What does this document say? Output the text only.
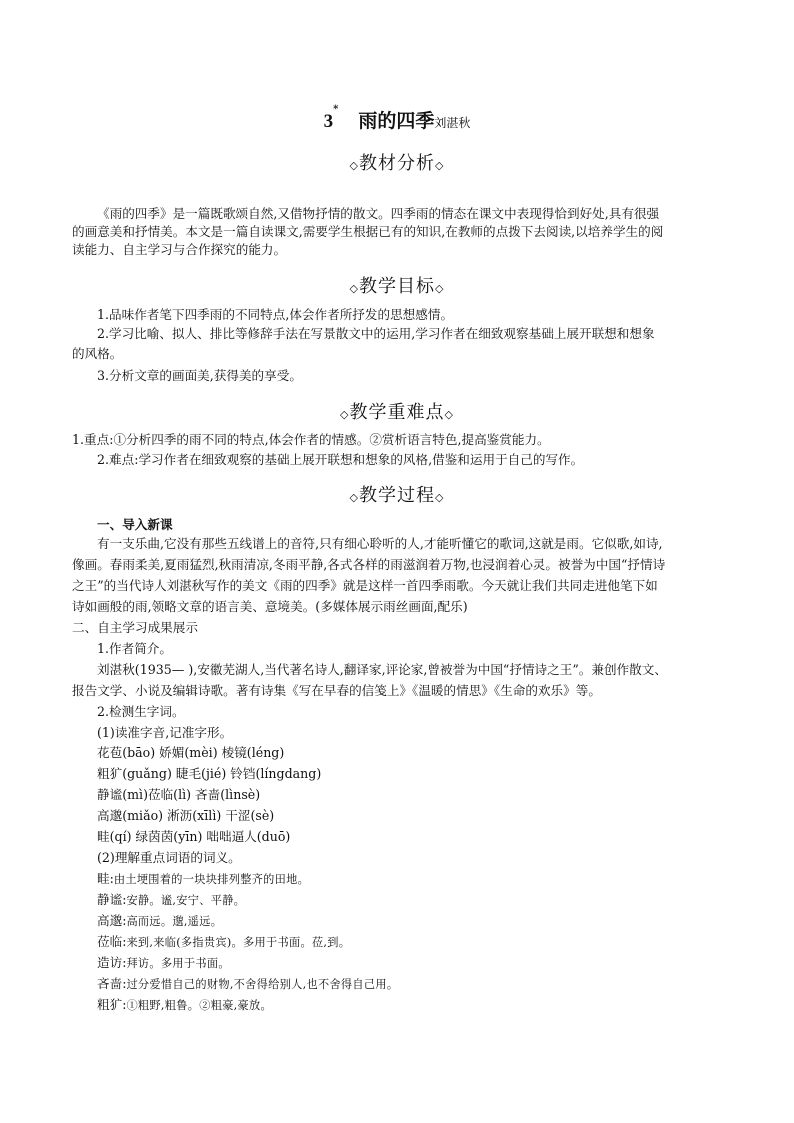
3*雨的四季刘湛秋
◇教材分析◇
《雨的四季》是一篇既歌颂自然,又借物抒情的散文。四季雨的情态在课文中表现得恰到好处,具有很强
的画意美和抒情美。本文是一篇自读课文,需要学生根据已有的知识,在教师的点拨下去阅读,以培养学生的阅
读能力、自主学习与合作探究的能力。
◇教学目标◇
1.品味作者笔下四季雨的不同特点,体会作者所抒发的思想感情。
2.学习比喻、拟人、排比等修辞手法在写景散文中的运用,学习作者在细致观察基础上展开联想和想象
的风格。
3.分析文章的画面美,获得美的享受。
◇教学重难点◇
1.重点:①分析四季的雨不同的特点,体会作者的情感。②赏析语言特色,提高鉴赏能力。
2.难点:学习作者在细致观察的基础上展开联想和想象的风格,借鉴和运用于自己的写作。
◇教学过程◇
一、导入新课
有一支乐曲,它没有那些五线谱上的音符,只有细心聆听的人,才能听懂它的歌词,这就是雨。它似歌,如诗,
像画。春雨柔美,夏雨猛烈,秋雨清凉,冬雨平静,各式各样的雨滋润着万物,也浸润着心灵。被誉为中国“抒情诗
之王”的当代诗人刘湛秋写作的美文《雨的四季》就是这样一首四季雨歌。今天就让我们共同走进他笔下如
诗如画般的雨,领略文章的语言美、意境美。(多媒体展示雨丝画面,配乐)
二、自主学习成果展示
1.作者简介。
刘湛秋(1935— ),安徽芜湖人,当代著名诗人,翻译家,评论家,曾被誉为中国“抒情诗之王”。兼创作散文、
报告文学、小说及编辑诗歌。著有诗集《写在早春的信笺上》《温暖的情思》《生命的欢乐》等。
2.检测生字词。
(1)读准字音,记准字形。
花苞(bāo) 娇媚(mèi) 棱镜(léng)
粗犷(guǎng) 睫毛(jié) 铃铛(língdang)
静谧(mì)莅临(lì) 吝啬(lìnsè)
高邈(miǎo) 淅沥(xīlì) 干涩(sè)
畦(qí) 绿茵茵(yīn) 咄咄逼人(duō)
(2)理解重点词语的词义。
畦:由土埂围着的一块块排列整齐的田地。
静谧:安静。谧,安宁、平静。
高邈:高而远。邈,遥远。
莅临:来到,来临(多指贵宾)。多用于书面。莅,到。
造访:拜访。多用于书面。
吝啬:过分爱惜自己的财物,不舍得给别人,也不舍得自己用。
粗犷:①粗野,粗鲁。②粗豪,豪放。
